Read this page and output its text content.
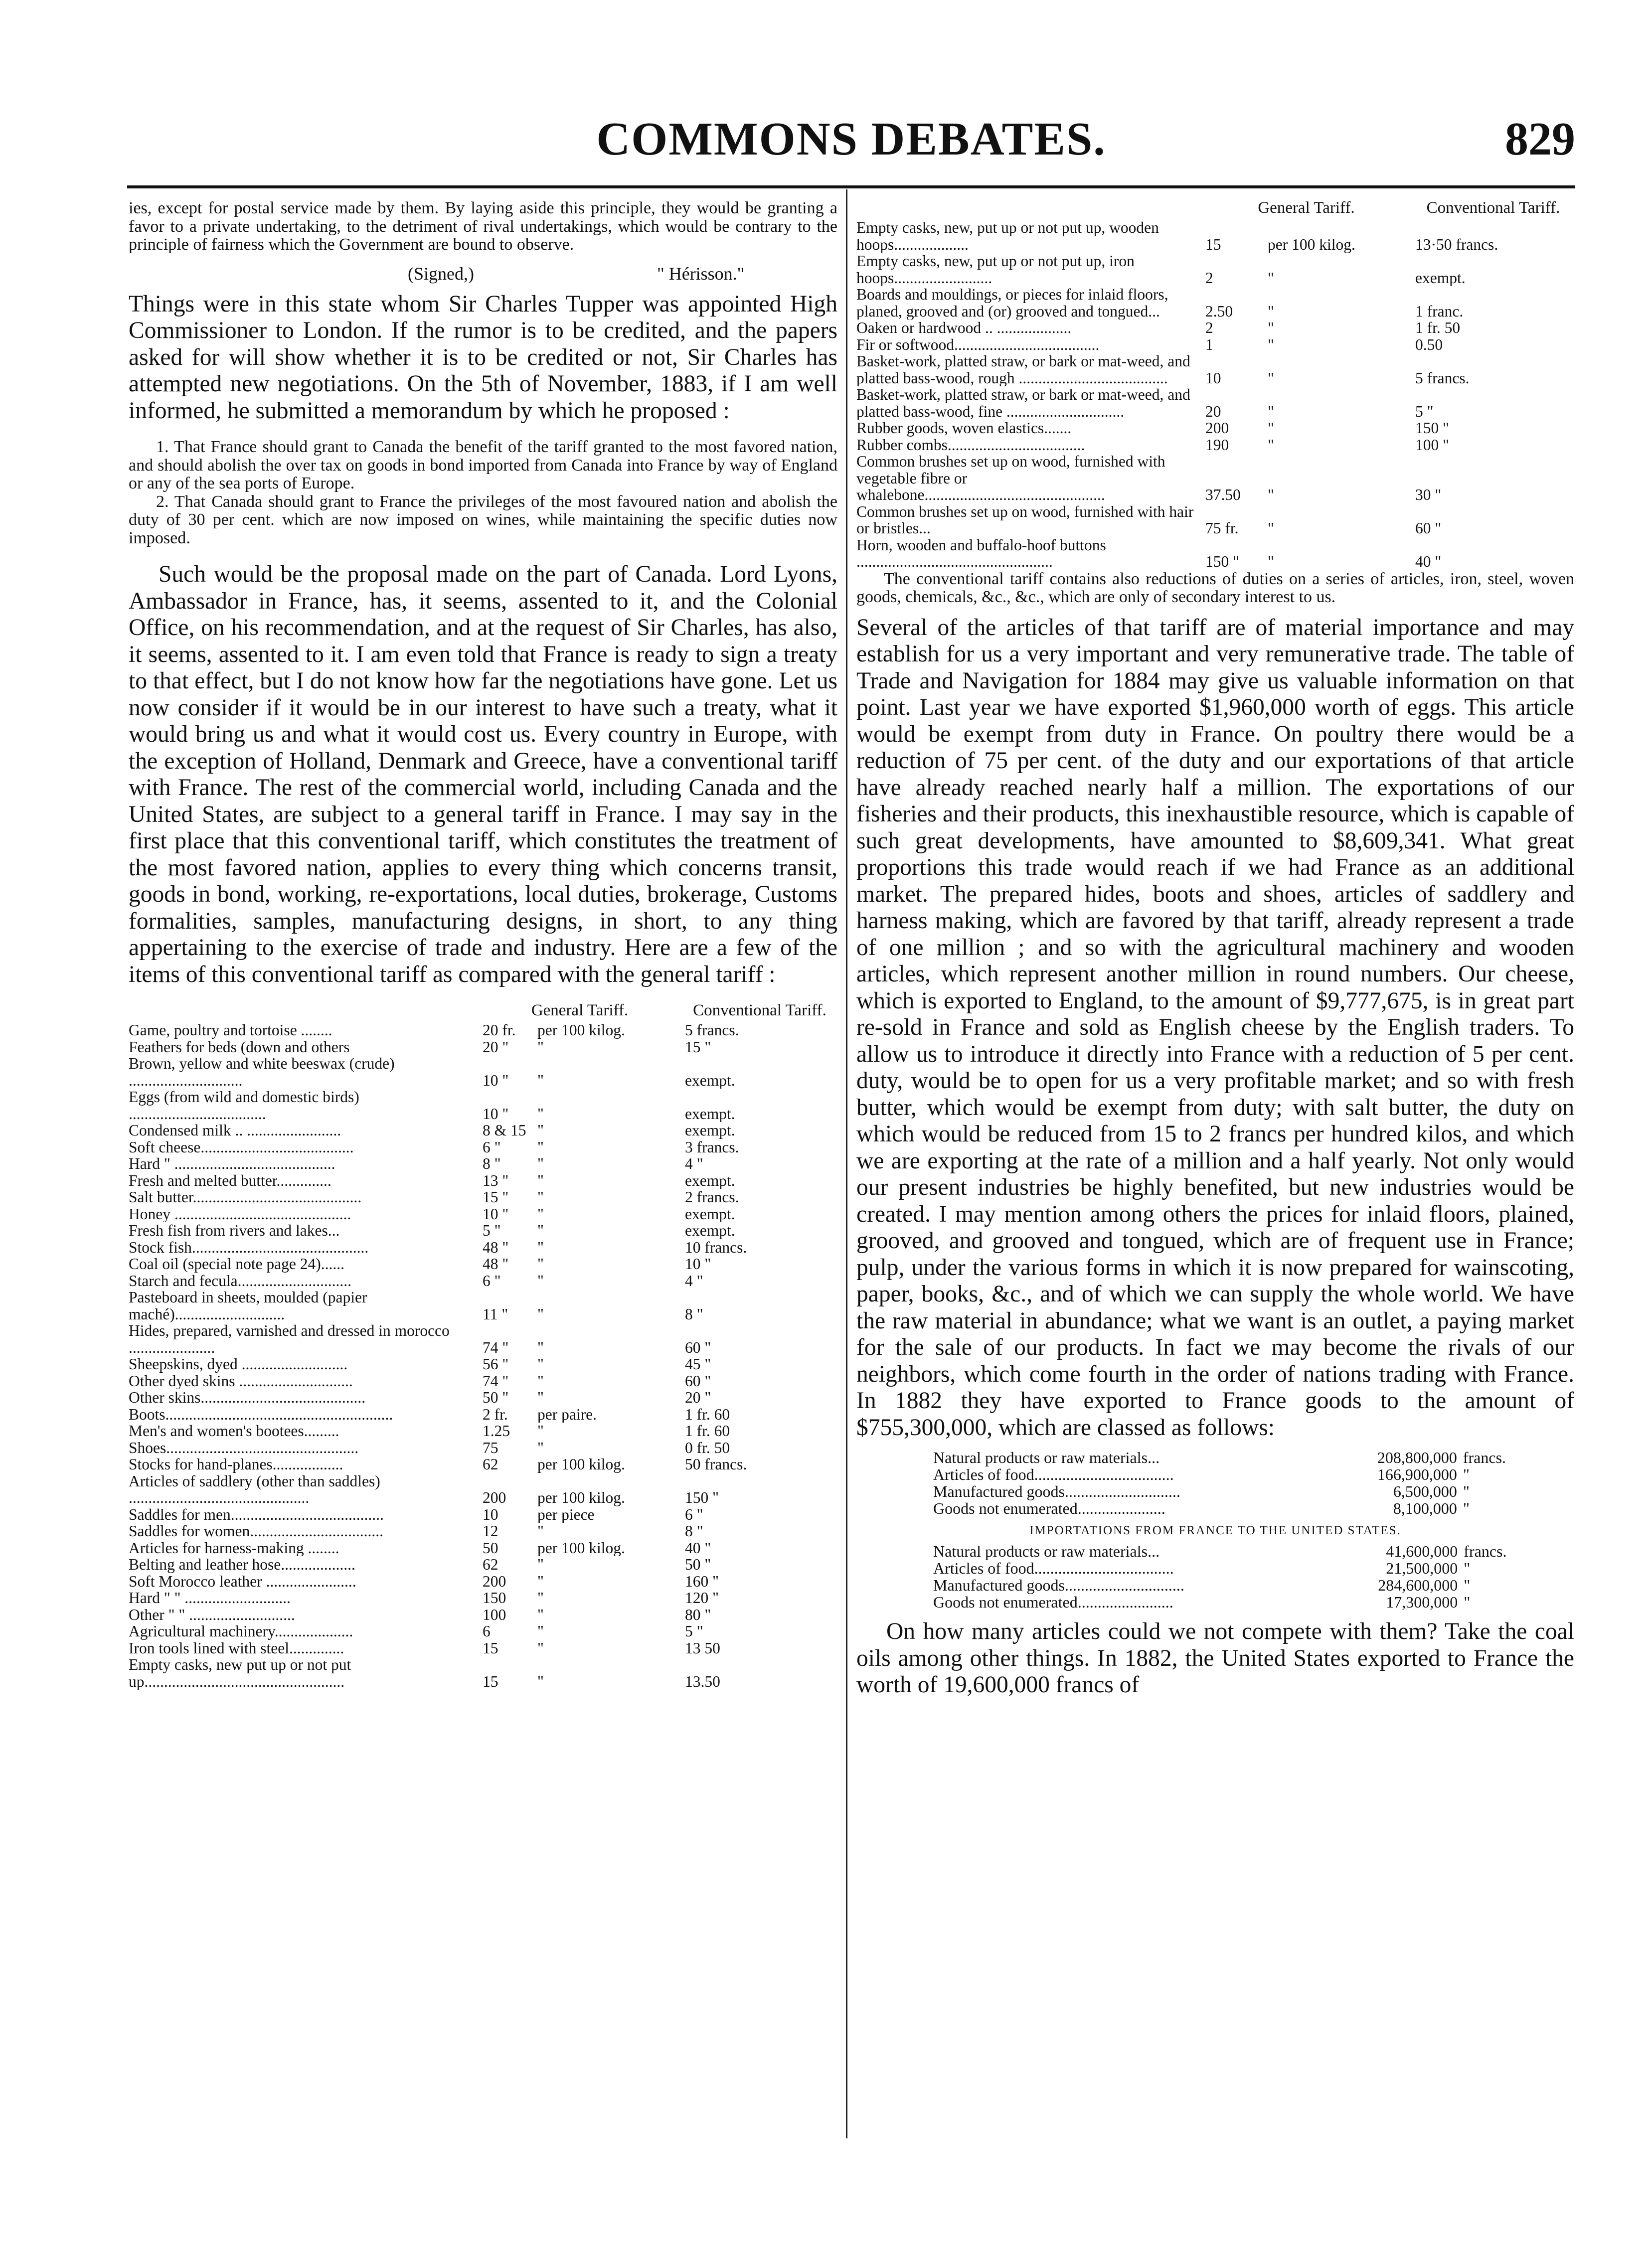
COMMONS DEBATES.	829

ies, except for postal service made by them. By laying aside this principle, they would be granting a favor to a private undertaking, to the detriment of rival undertakings, which would be contrary to the principle of fairness which the Government are bound to observe.

(Signed,)	" Hérisson."

Things were in this state whom Sir Charles Tupper was appointed High Commissioner to London. If the rumor is to be credited, and the papers asked for will show whether it is to be credited or not, Sir Charles has attempted new negotiations. On the 5th of November, 1883, if I am well informed, he submitted a memorandum by which he proposed :

1. That France should grant to Canada the benefit of the tariff granted to the most favored nation, and should abolish the over tax on goods in bond imported from Canada into France by way of England or any of the sea ports of Europe.

2. That Canada should grant to France the privileges of the most favoured nation and abolish the duty of 30 per cent. which are now imposed on wines, while maintaining the specific duties now imposed.

Such would be the proposal made on the part of Canada. Lord Lyons, Ambassador in France, has, it seems, assented to it, and the Colonial Office, on his recommendation, and at the request of Sir Charles, has also, it seems, assented to it. I am even told that France is ready to sign a treaty to that effect, but I do not know how far the negotiations have gone. Let us now consider if it would be in our interest to have such a treaty, what it would bring us and what it would cost us. Every country in Europe, with the exception of Holland, Denmark and Greece, have a conventional tariff with France. The rest of the commercial world, including Canada and the United States, are subject to a general tariff in France. I may say in the first place that this conventional tariff, which constitutes the treatment of the most favored nation, applies to every thing which concerns transit, goods in bond, working, re-exportations, local duties, brokerage, Customs formalities, samples, manufacturing designs, in short, to any thing appertaining to the exercise of trade and industry. Here are a few of the items of this conventional tariff as compared with the general tariff :

	General Tariff.		Conventional Tariff.
Game, poultry and tortoise ........	20 fr.	per 100 kilog.	5 francs.
Feathers for beds (down and others	20 "	"	15 "
Brown, yellow and white beeswax (crude) .............................	10 "	"	exempt.
Eggs (from wild and domestic birds) ...................................	10 "	"	exempt.
Condensed milk .. ........................	8 & 15	"	exempt.
Soft cheese.......................................	6 "	"	3 francs.
Hard " .........................................	8 "	"	4 "
Fresh and melted butter..............	13 "	"	exempt.
Salt butter...........................................	15 "	"	2 francs.
Honey .............................................	10 "	"	exempt.
Fresh fish from rivers and lakes...	5 "	"	exempt.
Stock fish.............................................	48 "	"	10 francs.
Coal oil (special note page 24)......	48 "	"	10 "
Starch and fecula.............................	6 "	"	4 "
Pasteboard in sheets, moulded (papier maché)............................	11 "	"	8 "
Hides, prepared, varnished and dressed in morocco ......................	74 "	"	60 "
Sheepskins, dyed ...........................	56 "	"	45 "
Other dyed skins .............................	74 "	"	60 "
Other skins..........................................	50 "	"	20 "
Boots..........................................................	2 fr.	per paire.	1 fr. 60
Men's and women's bootees.........	1.25	"	1 fr. 60
Shoes.................................................	75	"	0 fr. 50
Stocks for hand-planes..................	62	per 100 kilog.	50 francs.
Articles of saddlery (other than saddles) ..............................................	200	per 100 kilog.	150 "
Saddles for men.......................................	10	per piece	6 "
Saddles for women..................................	12	"	8 "
Articles for harness-making ........	50	per 100 kilog.	40 "
Belting and leather hose...................	62	"	50 "
Soft Morocco leather .......................	200	"	160 "
Hard " " ...........................	150	"	120 "
Other " " ...........................	100	"	80 "
Agricultural machinery....................	6	"	5 "
Iron tools lined with steel..............	15	"	13 50
Empty casks, new put up or not put up...................................................	15	"	13.50
	General Tariff.		Conventional Tariff.
Empty casks, new, put up or not put up, wooden hoops...................	15	per 100 kilog.	13·50 francs.
Empty casks, new, put up or not put up, iron hoops.........................	2	"	exempt.
Boards and mouldings, or pieces for inlaid floors, planed, grooved and (or) grooved and tongued...	2.50	"	1 franc.
Oaken or hardwood .. ...................	2	"	1 fr. 50
Fir or softwood.....................................	1	"	0.50
Basket-work, platted straw, or bark or mat-weed, and platted bass-wood, rough ......................................	10	"	5 francs.
Basket-work, platted straw, or bark or mat-weed, and platted bass-wood, fine ..............................	20	"	5 "
Rubber goods, woven elastics.......	200	"	150 "
Rubber combs...................................	190	"	100 "
Common brushes set up on wood, furnished with vegetable fibre or whalebone..............................................	37.50	"	30 "
Common brushes set up on wood, furnished with hair or bristles...	75 fr.	"	60 "
Horn, wooden and buffalo-hoof buttons ..................................................	150 "	"	40 "

The conventional tariff contains also reductions of duties on a series of articles, iron, steel, woven goods, chemicals, &c., &c., which are only of secondary interest to us.

Several of the articles of that tariff are of material importance and may establish for us a very important and very remunerative trade. The table of Trade and Navigation for 1884 may give us valuable information on that point. Last year we have exported $1,960,000 worth of eggs. This article would be exempt from duty in France. On poultry there would be a reduction of 75 per cent. of the duty and our exportations of that article have already reached nearly half a million. The exportations of our fisheries and their products, this inexhaustible resource, which is capable of such great developments, have amounted to $8,609,341. What great proportions this trade would reach if we had France as an additional market. The prepared hides, boots and shoes, articles of saddlery and harness making, which are favored by that tariff, already represent a trade of one million ; and so with the agricultural machinery and wooden articles, which represent another million in round numbers. Our cheese, which is exported to England, to the amount of $9,777,675, is in great part re-sold in France and sold as English cheese by the English traders. To allow us to introduce it directly into France with a reduction of 5 per cent. duty, would be to open for us a very profitable market; and so with fresh butter, which would be exempt from duty; with salt butter, the duty on which would be reduced from 15 to 2 francs per hundred kilos, and which we are exporting at the rate of a million and a half yearly. Not only would our present industries be highly benefited, but new industries would be created. I may mention among others the prices for inlaid floors, plained, grooved, and grooved and tongued, which are of frequent use in France; pulp, under the various forms in which it is now prepared for wainscoting, paper, books, &c., and of which we can supply the whole world. We have the raw material in abundance; what we want is an outlet, a paying market for the sale of our products. In fact we may become the rivals of our neighbors, which come fourth in the order of nations trading with France. In 1882 they have exported to France goods to the amount of $755,300,000, which are classed as follows:

Natural products or raw materials...	208,800,000	francs.
Articles of food...................................	166,900,000	"
Manufactured goods.............................	6,500,000	"
Goods not enumerated......................	8,100,000	"
IMPORTATIONS FROM FRANCE TO THE UNITED STATES.
Natural products or raw materials...	41,600,000	francs.
Articles of food...................................	21,500,000	"
Manufactured goods..............................	284,600,000	"
Goods not enumerated........................	17,300,000	"

On how many articles could we not compete with them? Take the coal oils among other things. In 1882, the United States exported to France the worth of 19,600,000 francs of
